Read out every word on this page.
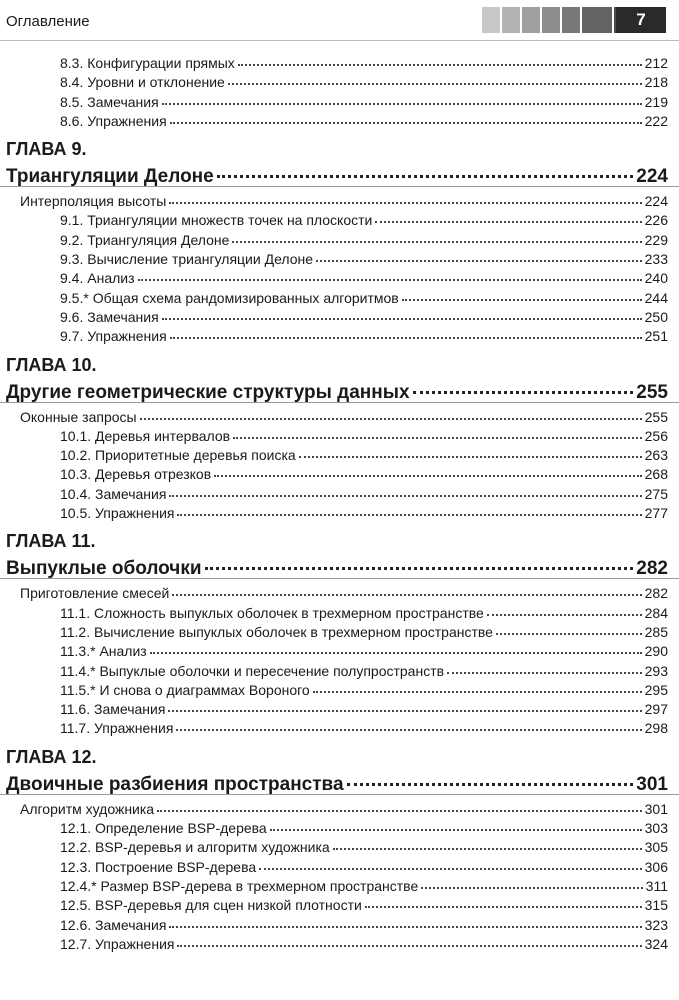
Оглавление	7
8.3. Конфигурации прямых	212
8.4. Уровни и отклонение	218
8.5. Замечания	219
8.6. Упражнения	222
ГЛАВА 9.
Триангуляции Делоне	224
Интерполяция высоты	224
9.1. Триангуляции множеств точек на плоскости	226
9.2. Триангуляция Делоне	229
9.3. Вычисление триангуляции Делоне	233
9.4. Анализ	240
9.5.* Общая схема рандомизированных алгоритмов	244
9.6. Замечания	250
9.7. Упражнения	251
ГЛАВА 10.
Другие геометрические структуры данных	255
Оконные запросы	255
10.1. Деревья интервалов	256
10.2. Приоритетные деревья поиска	263
10.3. Деревья отрезков	268
10.4. Замечания	275
10.5. Упражнения	277
ГЛАВА 11.
Выпуклые оболочки	282
Приготовление смесей	282
11.1. Сложность выпуклых оболочек в трехмерном пространстве	284
11.2. Вычисление выпуклых оболочек в трехмерном пространстве	285
11.3.* Анализ	290
11.4.* Выпуклые оболочки и пересечение полупространств	293
11.5.* И снова о диаграммах Вороного	295
11.6. Замечания	297
11.7. Упражнения	298
ГЛАВА 12.
Двоичные разбиения пространства	301
Алгоритм художника	301
12.1. Определение BSP-дерева	303
12.2. BSP-деревья и алгоритм художника	305
12.3. Построение BSP-дерева	306
12.4.* Размер BSP-дерева в трехмерном пространстве	311
12.5. BSP-деревья для сцен низкой плотности	315
12.6. Замечания	323
12.7. Упражнения	324
